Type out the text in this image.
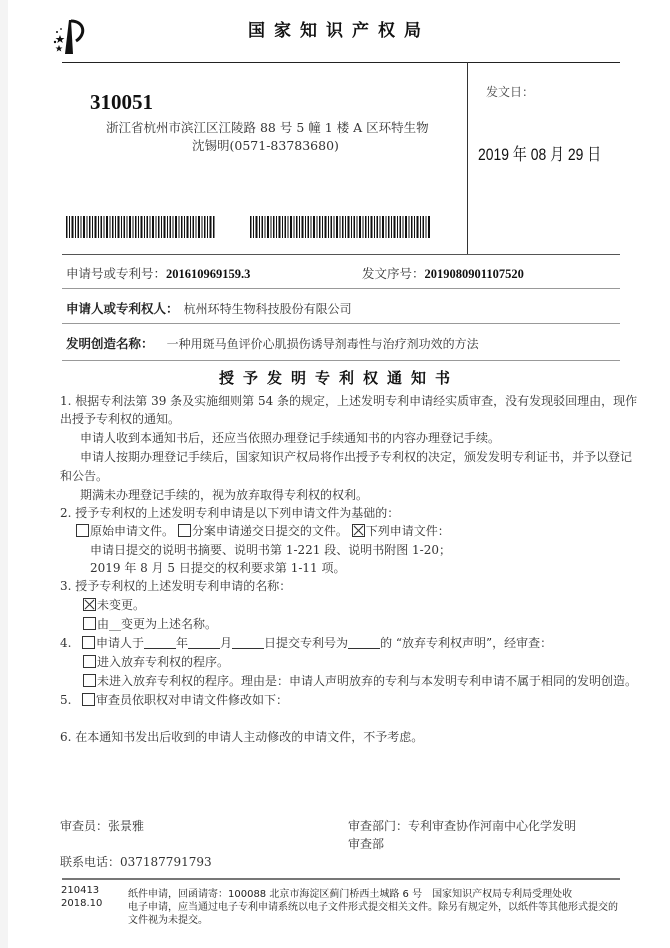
国家知识产权局
310051
浙江省杭州市滨江区江陵路 88 号 5 幢 1 楼 A 区环特生物
沈锡明(0571-83783680)
发文日：
2019 年 08 月 29 日
申请号或专利号：201610969159.3	发文序号：2019080901107520
申请人或专利权人： 杭州环特生物科技股份有限公司
发明创造名称： 一种用斑马鱼评价心肌损伤诱导剂毒性与治疗剂功效的方法
授予发明专利权通知书
1. 根据专利法第 39 条及实施细则第 54 条的规定，上述发明专利申请经实质审查，没有发现驳回理由，现作
出授予专利权的通知。
申请人收到本通知书后，还应当依照办理登记手续通知书的内容办理登记手续。
申请人按期办理登记手续后，国家知识产权局将作出授予专利权的决定，颁发发明专利证书，并予以登记
和公告。
期满未办理登记手续的，视为放弃取得专利权的权利。
2. 授予专利权的上述发明专利申请是以下列申请文件为基础的：
原始申请文件。 分案申请递交日提交的文件。 下列申请文件：
申请日提交的说明书摘要、说明书第 1-221 段、说明书附图 1-20；
2019 年 8 月 5 日提交的权利要求第 1-11 项。
3. 授予专利权的上述发明专利申请的名称：
未变更。
由__变更为上述名称。
4. 申请人于	年	月	日提交专利号为	的 “放弃专利权声明”，经审查：
进入放弃专利权的程序。
未进入放弃专利权的程序。理由是：申请人声明放弃的专利与本发明专利申请不属于相同的发明创造。
5. 审查员依职权对申请文件修改如下：
6. 在本通知书发出后收到的申请人主动修改的申请文件，不予考虑。
审查员：张景雅	审查部门：专利审查协作河南中心化学发明
审查部
联系电话：037187791793
210413
2018.10
纸件申请，回函请寄：100088 北京市海淀区蓟门桥西土城路 6 号　国家知识产权局专利局受理处收
电子申请，应当通过电子专利申请系统以电子文件形式提交相关文件。除另有规定外，以纸件等其他形式提交的
文件视为未提交。
